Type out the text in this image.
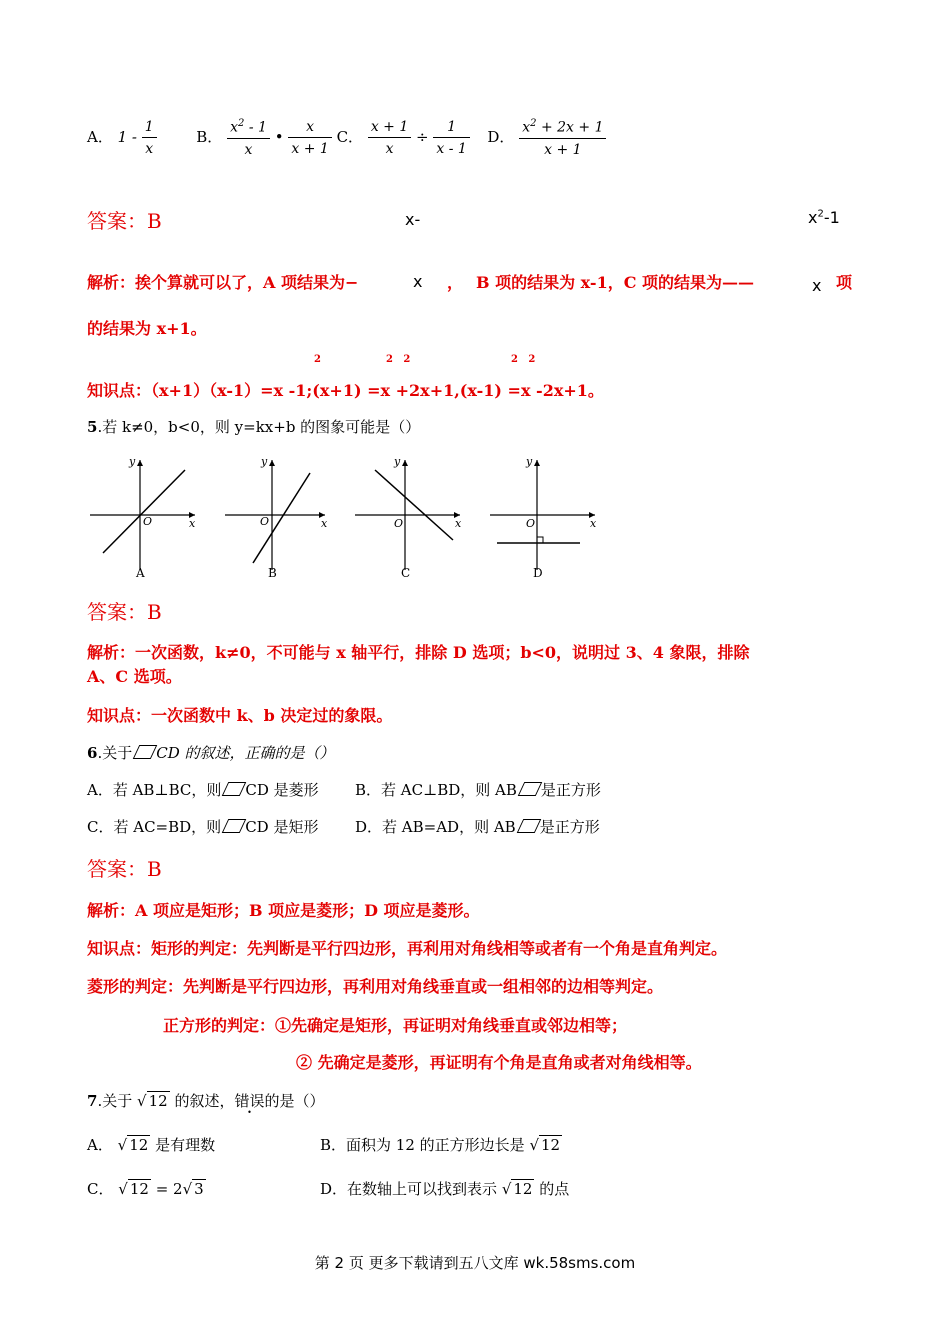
A． $1 - \frac{1}{x}$	B． $\frac{x^2 - 1}{x}$ • $\frac{x}{x + 1}$ C． $\frac{x + 1}{x} \div \frac{1}{x - 1}$ D． $\frac{x^2 + 2x + 1}{x + 1}$
答案：B	x-	$x^2-1$
解析：挨个算就可以了，A 项结果为−	x ， B 项的结果为 x-1，C 项的结果为——	x 项
的结果为 x+1。
2	2   2	2   2
知识点：（x+1）（x-1）=x -1;(x+1) =x +2x+1,(x-1) =x -2x+1。
5.若 k≠0，b<0，则 y=kx+b 的图象可能是（）
y
x
O
A
y
x
O
B
y
x
O
C
y
x
O
D
答案：B
解析：一次函数，k≠0，不可能与 x 轴平行，排除 D 选项；b<0，说明过 3、4 象限，排除
A、C 选项。
知识点：一次函数中 k、b 决定过的象限。
6.关于 CD 的叙述，正确的是（）
A．若 AB⊥BC，则 CD 是菱形 B．若 AC⊥BD，则 AB 是正方形
C．若 AC=BD，则 CD 是矩形 D．若 AB=AD，则 AB 是正方形
答案：B
解析：A 项应是矩形；B 项应是菱形；D 项应是菱形。
知识点：矩形的判定：先判断是平行四边形，再利用对角线相等或者有一个角是直角判定。
菱形的判定：先判断是平行四边形，再利用对角线垂直或一组相邻的边相等判定。
正方形的判定：①先确定是矩形，再证明对角线垂直或邻边相等；
② 先确定是菱形，再证明有个角是直角或者对角线相等。
7.关于 √ 12 的叙述，错误的是（）
A． √ 12 是有理数	B．面积为 12 的正方形边长是 √ 12
C． √ 12 = 2√ 3	D．在数轴上可以找到表示 √ 12 的点
第 2 页 更多下载请到五八文库 wk.58sms.com
